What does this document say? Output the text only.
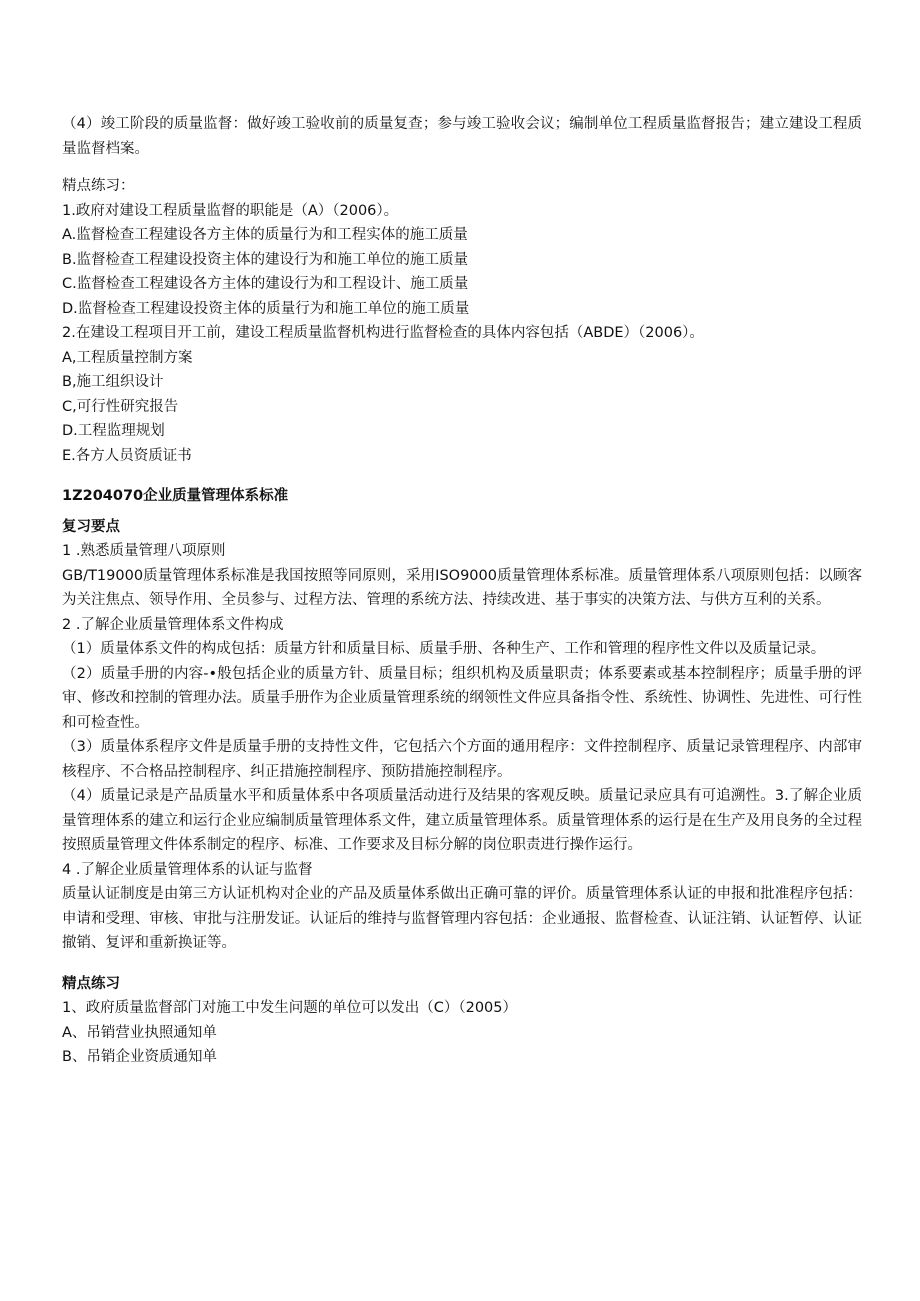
（4）竣工阶段的质量监督：做好竣工验收前的质量复查；参与竣工验收会议；编制单位工程质量监督报告；建立建设工程质量监督档案。
精点练习：
1.政府对建设工程质量监督的职能是（A）（2006）。
A.监督检查工程建设各方主体的质量行为和工程实体的施工质量
B.监督检查工程建设投资主体的建设行为和施工单位的施工质量
C.监督检查工程建设各方主体的建设行为和工程设计、施工质量
D.监督检查工程建设投资主体的质量行为和施工单位的施工质量
2.在建设工程项目开工前，建设工程质量监督机构进行监督检查的具体内容包括（ABDE）（2006）。
A,工程质量控制方案
B,施工组织设计
C,可行性研究报告
D.工程监理规划
E.各方人员资质证书
1Z204070企业质量管理体系标准
复习要点
1 .熟悉质量管理八项原则
GB/T19000质量管理体系标准是我国按照等同原则，采用ISO9000质量管理体系标准。质量管理体系八项原则包括：以顾客为关注焦点、领导作用、全员参与、过程方法、管理的系统方法、持续改进、基于事实的决策方法、与供方互利的关系。
2 .了解企业质量管理体系文件构成
（1）质量体系文件的构成包括：质量方针和质量目标、质量手册、各种生产、工作和管理的程序性文件以及质量记录。
（2）质量手册的内容-•般包括企业的质量方针、质量目标；组织机构及质量职责；体系要素或基本控制程序；质量手册的评审、修改和控制的管理办法。质量手册作为企业质量管理系统的纲领性文件应具备指令性、系统性、协调性、先进性、可行性和可检查性。
（3）质量体系程序文件是质量手册的支持性文件，它包括六个方面的通用程序：文件控制程序、质量记录管理程序、内部审核程序、不合格品控制程序、纠正措施控制程序、预防措施控制程序。
（4）质量记录是产品质量水平和质量体系中各项质量活动进行及结果的客观反映。质量记录应具有可追溯性。3.了解企业质量管理体系的建立和运行企业应编制质量管理体系文件，建立质量管理体系。质量管理体系的运行是在生产及用良务的全过程按照质量管理文件体系制定的程序、标准、工作要求及目标分解的岗位职责进行操作运行。
4 .了解企业质量管理体系的认证与监督
质量认证制度是由第三方认证机构对企业的产品及质量体系做出正确可靠的评价。质量管理体系认证的申报和批准程序包括：申请和受理、审核、审批与注册发证。认证后的维持与监督管理内容包括：企业通报、监督检查、认证注销、认证暂停、认证撤销、复评和重新换证等。
精点练习
1、政府质量监督部门对施工中发生问题的单位可以发出（C）（2005）
A、吊销营业执照通知单
B、吊销企业资质通知单
